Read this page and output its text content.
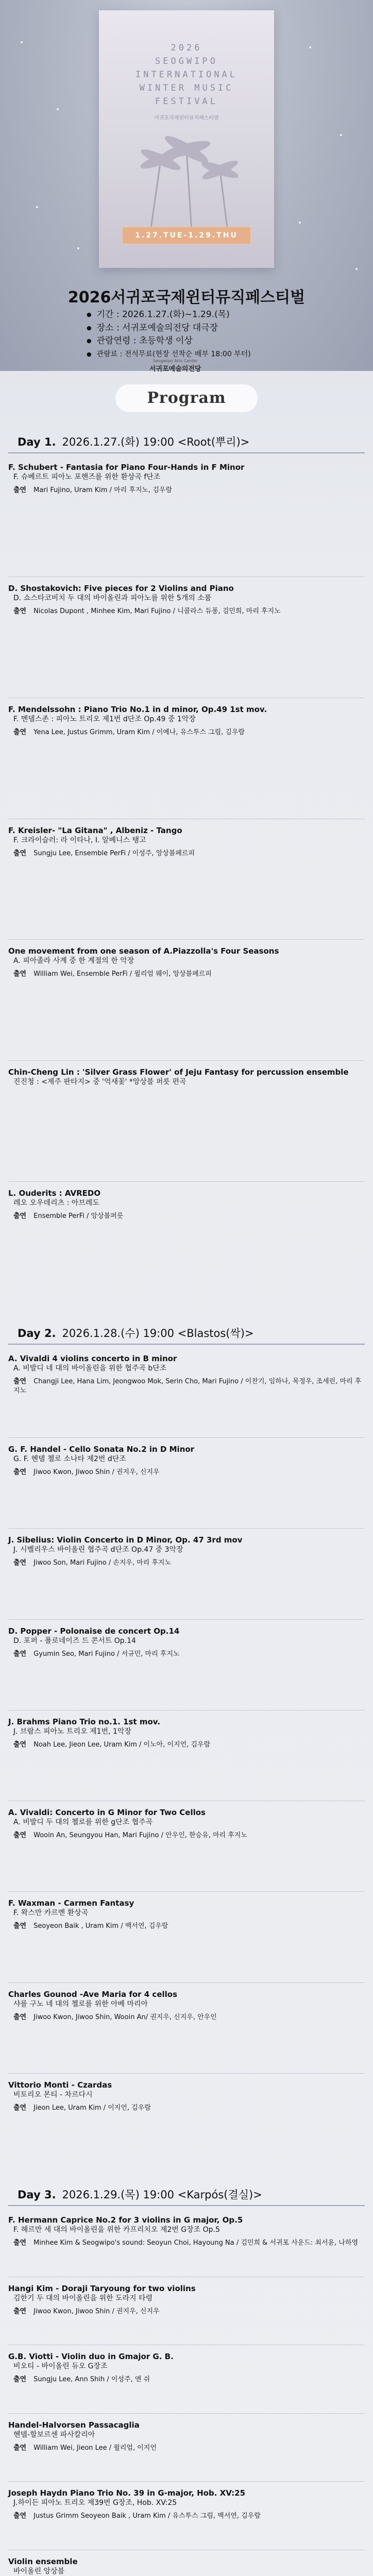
2026
SEOGWIPO
INTERNATIONAL
WINTER MUSIC
FESTIVAL
서귀포국제윈터뮤직페스티벌
1.27.TUE-1.29.THU
2026서귀포국제윈터뮤직페스티벌
● 기간 : 2026.1.27.(화)~1.29.(목)
● 장소 : 서귀포예술의전당 대극장
● 관람연령 : 초등학생 이상
● 관람료 : 전석무료(현장 선착순 배부 18:00 부터)
Seogwipo Arts Center
서귀포예술의전당
Program
Day 1. 2026.1.27.(화) 19:00 <Root(뿌리)>
F. Schubert - Fantasia for Piano Four-Hands in F Minor
F. 슈베르트 피아노 포핸즈를 위한 환상곡 f단조
출연 Mari Fujino, Uram Kim / 마리 후지노, 김우람
D. Shostakovich: Five pieces for 2 Violins and Piano
D. 쇼스타코비치 두 대의 바이올린과 피아노를 위한 5개의 소품
출연 Nicolas Dupont , Minhee Kim, Mari Fujino / 니콜라스 듀퐁, 김민희, 마리 후지노
F. Mendelssohn : Piano Trio No.1 in d minor, Op.49 1st mov.
F. 멘델스존 : 피아노 트리오 제1번 d단조 Op.49 중 1악장
출연 Yena Lee, Justus Grimm, Uram Kim / 이예나, 유스투스 그림, 김우람
F. Kreisler- "La Gitana" , Albeniz - Tango
F. 크라이슬러: 라 이타나, I. 알베니스 탱고
출연 Sungju Lee, Ensemble PerFi / 이성주, 앙상블페르피
One movement from one season of A.Piazzolla's Four Seasons
A. 피아졸라 사계 중 한 계절의 한 악장
출연 William Wei, Ensemble PerFi / 윌리엄 웨이, 앙상블페르피
Chin-Cheng Lin : 'Silver Grass Flower' of Jeju Fantasy for percussion ensemble
진진청 : <제주 판타지> 중 '억새꽃' *앙상블 퍼릇 편곡
L. Ouderits : AVREDO
레오 오우데리츠 : 아브레도
출연 Ensemble PerFi / 앙상블퍼릇
Day 2. 2026.1.28.(수) 19:00 <Blastos(싹)>
A. Vivaldi 4 violins concerto in B minor
A. 비발디 네 대의 바이올린을 위한 협주곡 b단조
출연 Changji Lee, Hana Lim, Jeongwoo Mok, Serin Cho, Mari Fujino / 이찬기, 임하나, 목정우, 조세린, 마리 후지노
G. F. Handel - Cello Sonata No.2 in D Minor
G. F. 헨델 첼로 소나타 제2번 d단조
출연 Jiwoo Kwon, Jiwoo Shin / 권지우, 신지우
J. Sibelius: Violin Concerto in D Minor, Op. 47 3rd mov
J. 시벨리우스 바이올린 협주곡 d단조 Op.47 중 3악장
출연 Jiwoo Son, Mari Fujino / 손지우, 마리 후지노
D. Popper - Polonaise de concert Op.14
D. 포퍼 - 폴로네이즈 드 콘서트 Op.14
출연 Gyumin Seo, Mari Fujino / 서규민, 마리 후지노
J. Brahms Piano Trio no.1. 1st mov.
J. 브람스 피아노 트리오 제1번, 1악장
출연 Noah Lee, Jieon Lee, Uram Kim / 이노아, 이지언, 김우람
A. Vivaldi: Concerto in G Minor for Two Cellos
A. 비발디 두 대의 첼로를 위한 g단조 협주곡
출연 Wooin An, Seungyou Han, Mari Fujino / 안우인, 한승유, 마리 후지노
F. Waxman - Carmen Fantasy
F. 왁스만 카르멘 환상곡
출연 Seoyeon Baik , Uram Kim / 백서연, 김우람
Charles Gounod -Ave Maria for 4 cellos
샤를 구노 네 대의 첼로를 위한 아베 마리아
출연 Jiwoo Kwon, Jiwoo Shin, Wooin An/ 권지우, 신지우, 안우인
Vittorio Monti - Czardas
비토리오 몬티 - 차르다시
출연 Jieon Lee, Uram Kim / 이지언, 김우람
Day 3. 2026.1.29.(목) 19:00 <Karpós(결실)>
F. Hermann Caprice No.2 for 3 violins in G major, Op.5
F. 헤르만 세 대의 바이올린을 위한 카프리치오 제2번 G장조 Op.5
출연 Minhee Kim & Seogwipo's sound: Seoyun Choi, Hayoung Na / 김민희 & 서귀포 사운드: 최서윤, 나하영
Hangi Kim - Doraji Taryoung for two violins
김한기 두 대의 바이올린을 위한 도라지 타령
출연 Jiwoo Kwon, Jiwoo Shin / 권지우, 신지우
G.B. Viotti - Violin duo in Gmajor G. B.
비오티 - 바이올린 듀오 G장조
출연 Sungju Lee, Ann Shih / 이성주, 앤 쉬
Handel-Halvorsen Passacaglia
헨델-할보르센 파사칼리아
출연 William Wei, Jieon Lee / 윌리엄, 이지언
Joseph Haydn Piano Trio No. 39 in G-major, Hob. XV:25
J.하이든 피아노 트리오 제39번 G장조, Hob. XV:25
출연 Justus Grimm Seoyeon Baik , Uram Kim / 유스투스 그림, 백서연, 김우람
Violin ensemble
바이올린 앙상블
